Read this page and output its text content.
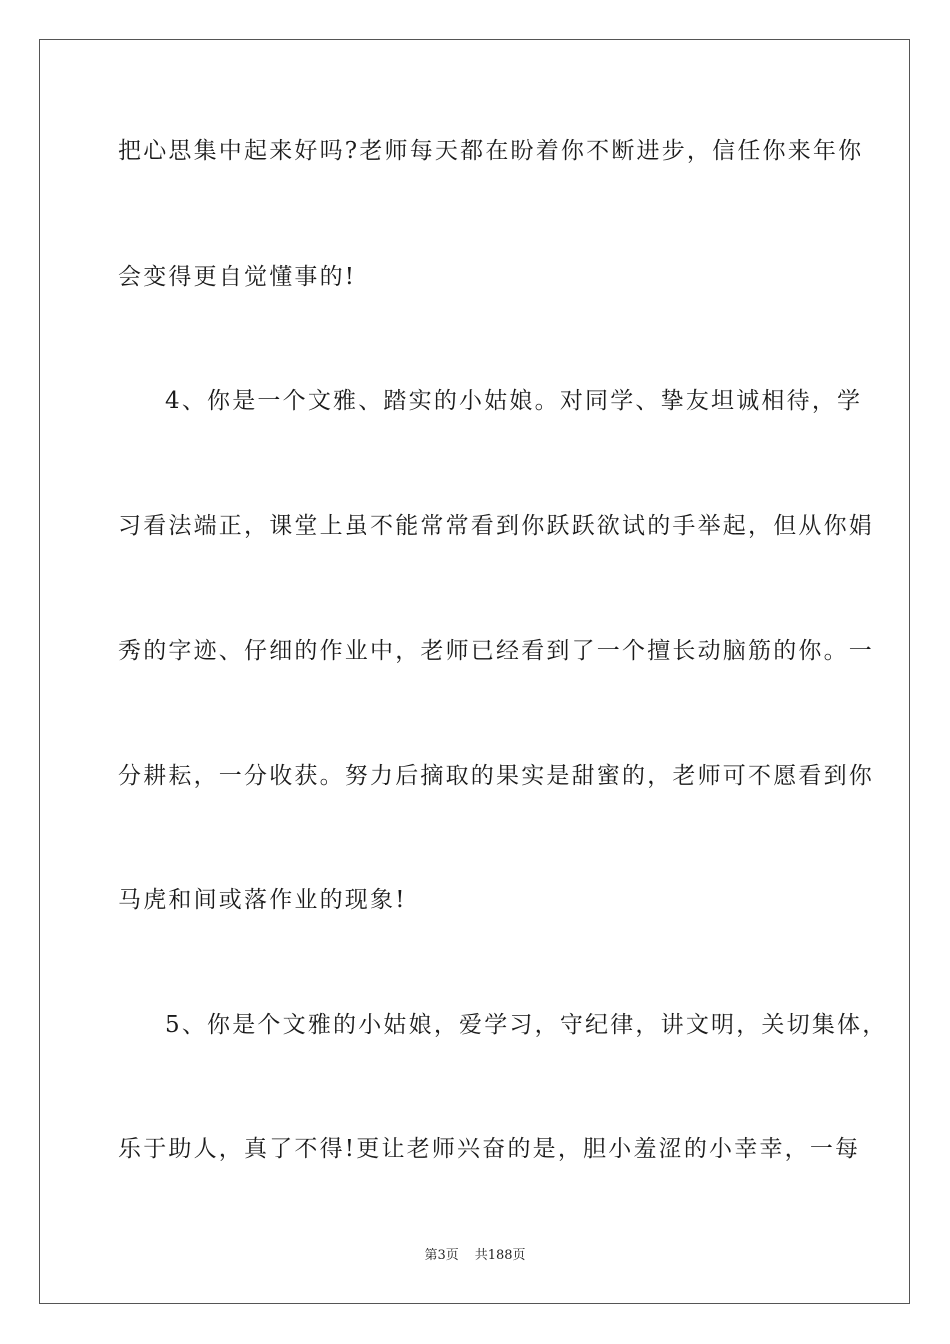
把心思集中起来好吗?老师每天都在盼着你不断进步，信任你来年你
会变得更自觉懂事的!
4、你是一个文雅、踏实的小姑娘。对同学、挚友坦诚相待，学
习看法端正，课堂上虽不能常常看到你跃跃欲试的手举起，但从你娟
秀的字迹、仔细的作业中，老师已经看到了一个擅长动脑筋的你。一
分耕耘，一分收获。努力后摘取的果实是甜蜜的，老师可不愿看到你
马虎和间或落作业的现象!
5、你是个文雅的小姑娘，爱学习，守纪律，讲文明，关切集体，
乐于助人，真了不得!更让老师兴奋的是，胆小羞涩的小幸幸，一每
第3页 共188页
